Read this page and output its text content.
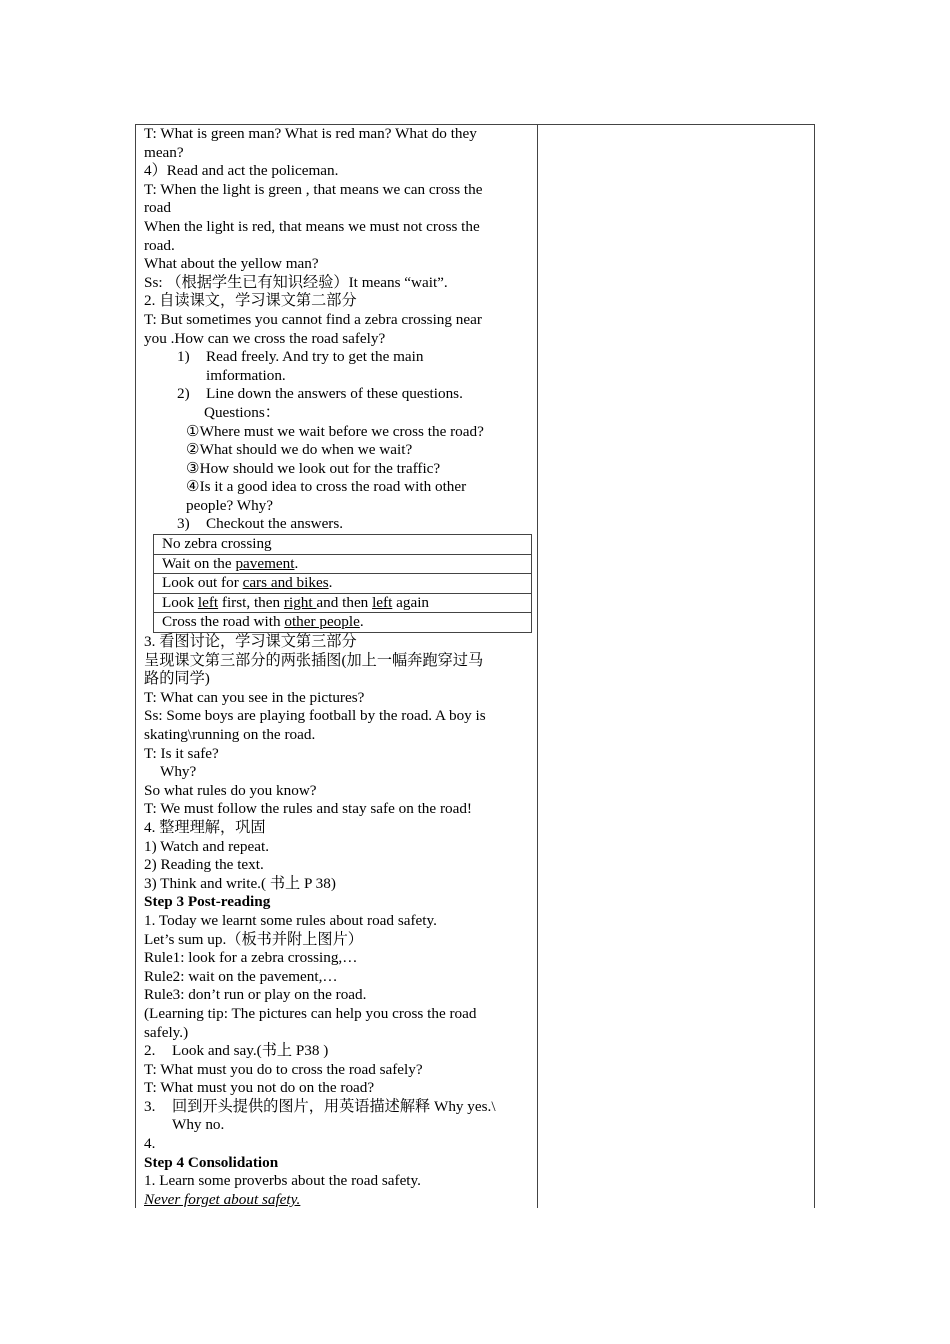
T: What is green man? What is red man? What do they
mean?
4）Read and act the policeman.
T: When the light is green , that means we can cross the
road
When the light is red, that means we must not cross the
road.
What about the yellow man?
Ss: （根据学生已有知识经验）It means “wait”.
2. 自读课文，学习课文第二部分
T: But sometimes you cannot find a zebra crossing near
you .How can we cross the road safely?
1) Read freely. And try to get the main
imformation.
2) Line down the answers of these questions.
Questions：
①Where must we wait before we cross the road?
②What should we do when we wait?
③How should we look out for the traffic?
④Is it a good idea to cross the road with other
people? Why?
3) Checkout the answers.
No zebra crossing
Wait on the pavement.
Look out for cars and bikes.
Look left first, then right and then left again
Cross the road with other people.
3. 看图讨论，学习课文第三部分
呈现课文第三部分的两张插图(加上一幅奔跑穿过马
路的同学)
T: What can you see in the pictures?
Ss: Some boys are playing football by the road. A boy is
skating\running on the road.
T: Is it safe?
Why?
So what rules do you know?
T: We must follow the rules and stay safe on the road!
4. 整理理解，巩固
1) Watch and repeat.
2) Reading the text.
3) Think and write.( 书上 P 38)
Step 3 Post-reading
1. Today we learnt some rules about road safety.
Let’s sum up.（板书并附上图片）
Rule1: look for a zebra crossing,…
Rule2: wait on the pavement,…
Rule3: don’t run or play on the road.
(Learning tip: The pictures can help you cross the road
safely.)
2. Look and say.(书上 P38 )
T: What must you do to cross the road safely?
T: What must you not do on the road?
3. 回到开头提供的图片，用英语描述解释 Why yes.\
Why no.
4.
Step 4 Consolidation
1. Learn some proverbs about the road safety.
Never forget about safety.
